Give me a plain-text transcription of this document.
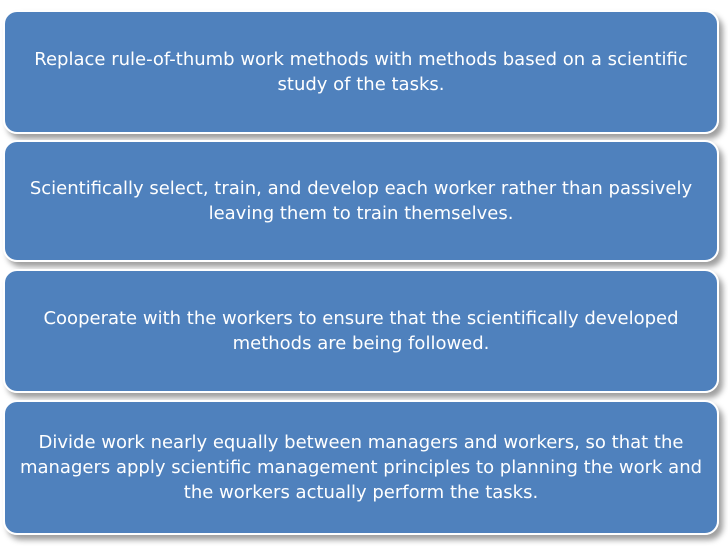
Replace rule-of-thumb work methods with methods based on a scientific study of the tasks.
Scientifically select, train, and develop each worker rather than passively leaving them to train themselves.
Cooperate with the workers to ensure that the scientifically developed methods are being followed.
Divide work nearly equally between managers and workers, so that the managers apply scientific management principles to planning the work and the workers actually perform the tasks.
